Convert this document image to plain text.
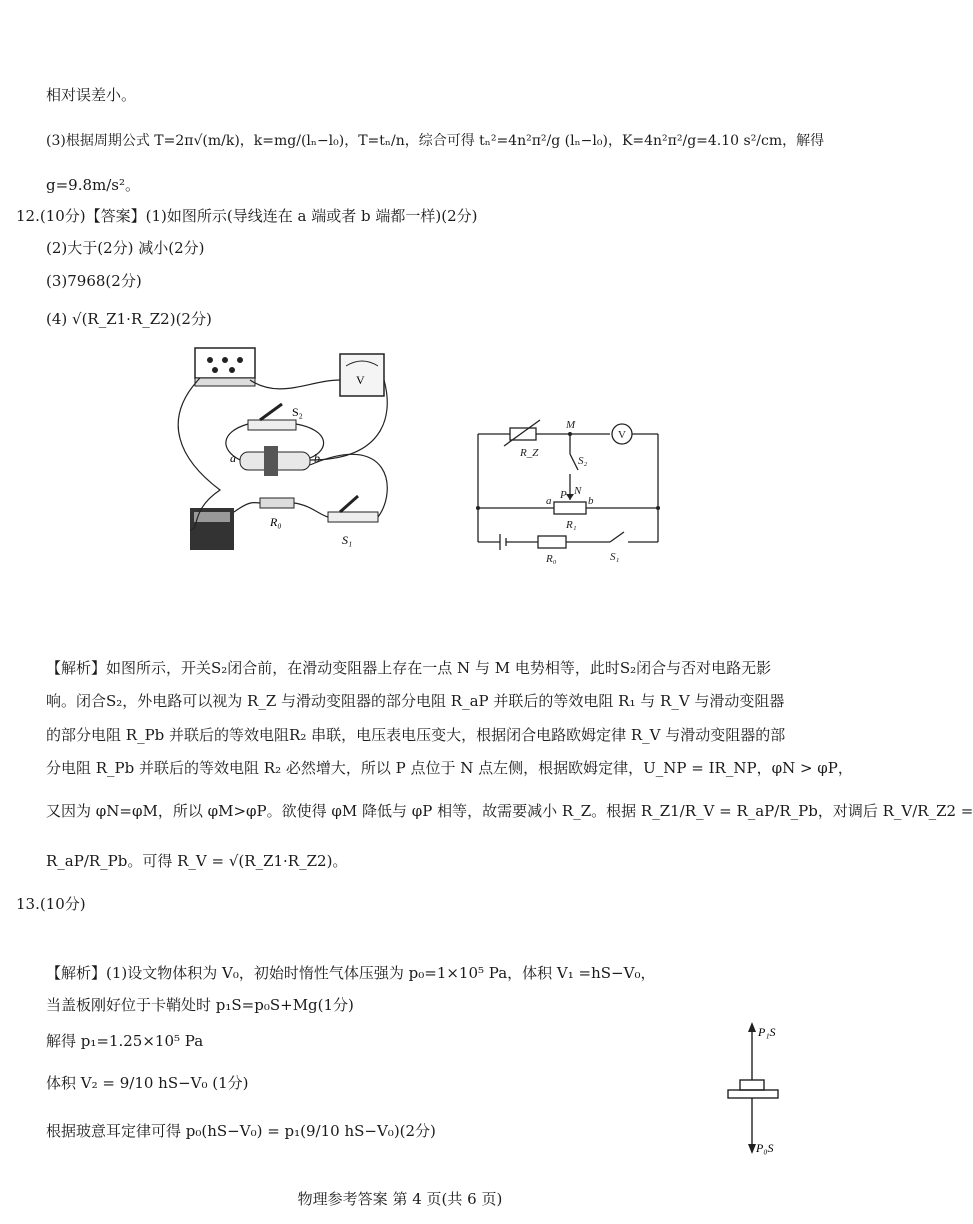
相对误差小。
(3)根据周期公式 T=2π√(m/k)，k=mg/(lₙ−l₀)，T=tₙ/n，综合可得 tₙ²=4n²π²/g (lₙ−l₀)，K=4n²π²/g=4.10 s²/cm，解得
g=9.8m/s²。
12.(10分)【答案】(1)如图所示(导线连在 a 端或者 b 端都一样)(2分)
(2)大于(2分) 减小(2分)
(3)7968(2分)
(4) √(R_Z1·R_Z2)(2分)
V
S₂
a	b
R₀
S₁
R_Z
M
V
S₂
P N
a	b
R₁
R₀	S₁
【解析】如图所示，开关S₂闭合前，在滑动变阻器上存在一点 N 与 M 电势相等，此时S₂闭合与否对电路无影
响。闭合S₂，外电路可以视为 R_Z 与滑动变阻器的部分电阻 R_aP 并联后的等效电阻 R₁ 与 R_V 与滑动变阻器
的部分电阻 R_Pb 并联后的等效电阻R₂ 串联，电压表电压变大，根据闭合电路欧姆定律 R_V 与滑动变阻器的部
分电阻 R_Pb 并联后的等效电阻 R₂ 必然增大，所以 P 点位于 N 点左侧，根据欧姆定律，U_NP = IR_NP，φN > φP，
又因为 φN=φM，所以 φM>φP。欲使得 φM 降低与 φP 相等，故需要减小 R_Z。根据 R_Z1/R_V = R_aP/R_Pb，对调后 R_V/R_Z2 =
R_aP/R_Pb。可得 R_V = √(R_Z1·R_Z2)。
13.(10分)
【解析】(1)设文物体积为 V₀，初始时惰性气体压强为 p₀=1×10⁵ Pa，体积 V₁ =hS−V₀，
当盖板刚好位于卡鞘处时 p₁S=p₀S+Mg(1分)
解得 p₁=1.25×10⁵ Pa
体积 V₂ = 9/10 hS−V₀ (1分)
根据玻意耳定律可得 p₀(hS−V₀) = p₁(9/10 hS−V₀)(2分)
P₁S
P₀S
物理参考答案 第 4 页(共 6 页)
